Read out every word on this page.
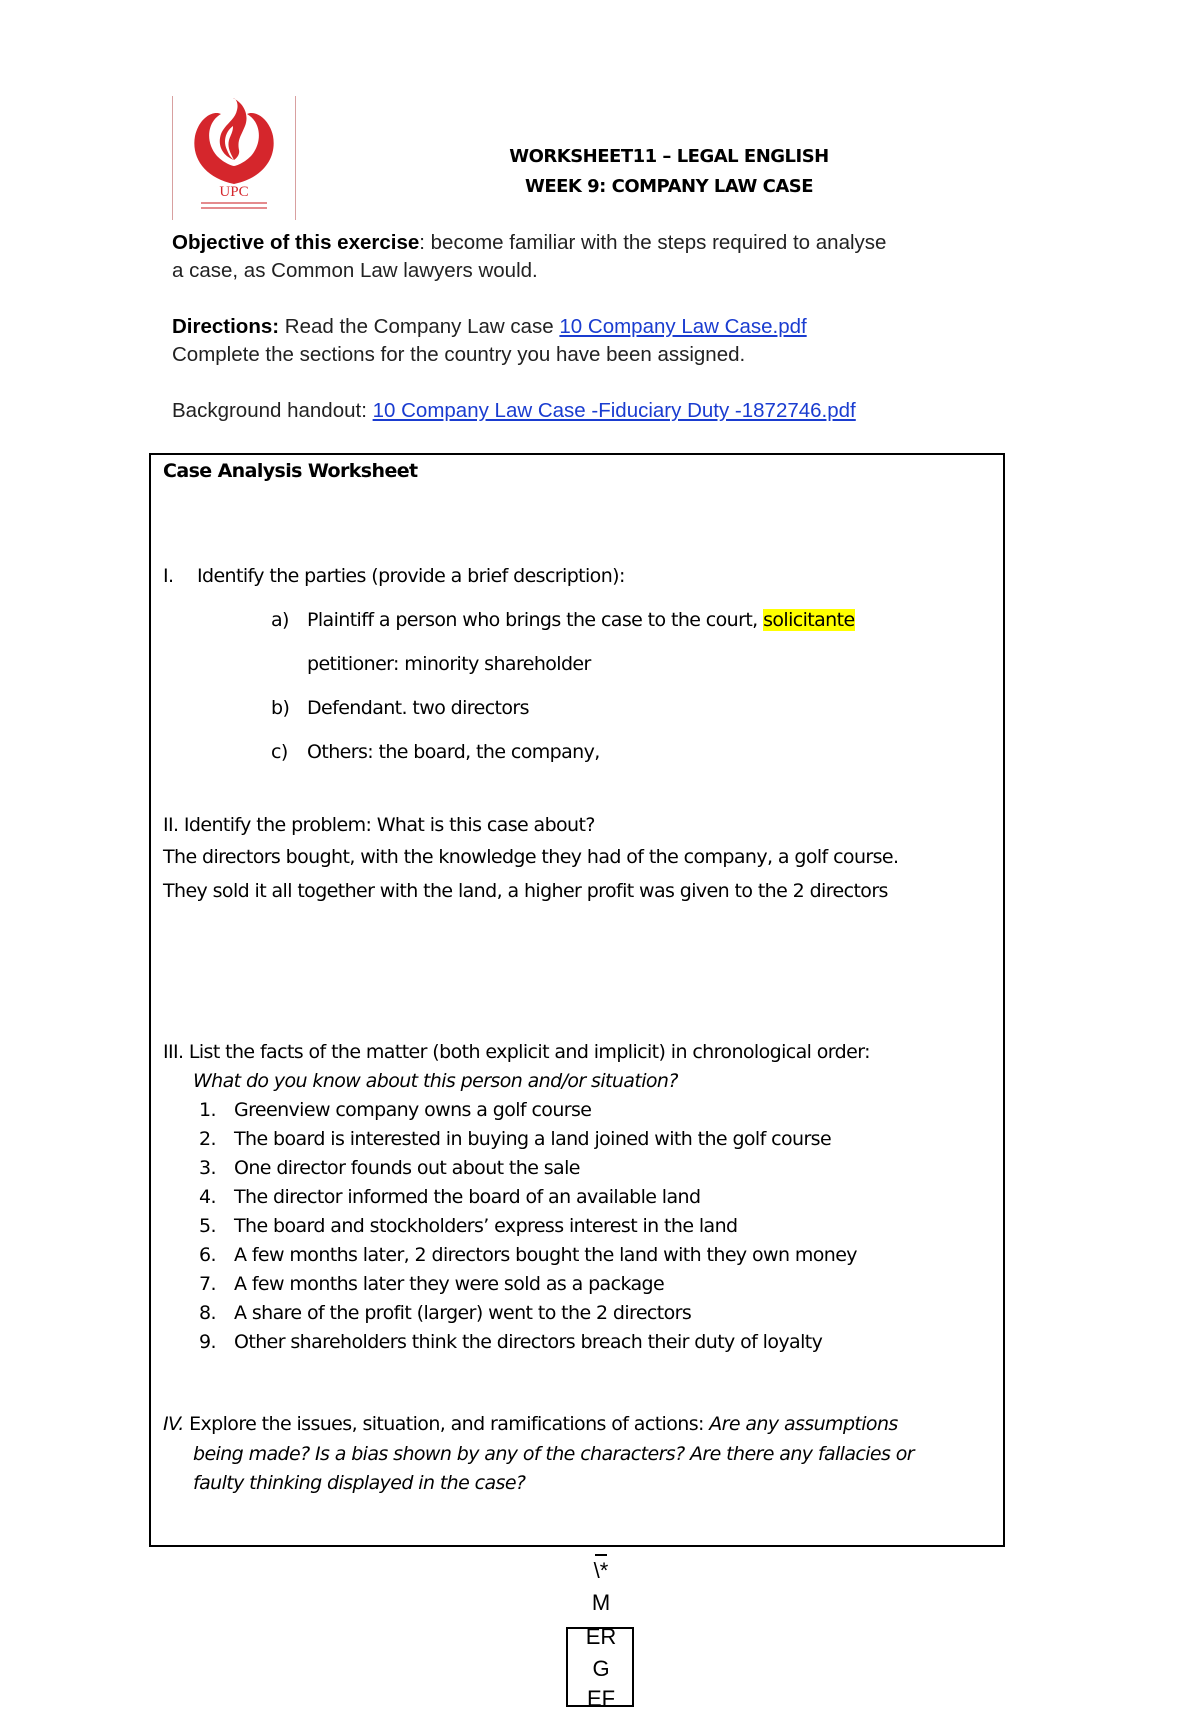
UPC
WORKSHEET11 – LEGAL ENGLISH
WEEK 9: COMPANY LAW CASE
Objective of this exercise: become familiar with the steps required to analyse
a case, as Common Law lawyers would.
Directions: Read the Company Law case 10 Company Law Case.pdf
Complete the sections for the country you have been assigned.
Background handout: 10 Company Law Case -Fiduciary Duty -1872746.pdf
Case Analysis Worksheet
I. Identify the parties (provide a brief description):
a) Plaintiff a person who brings the case to the court, solicitante
petitioner: minority shareholder
b) Defendant. two directors
c) Others: the board, the company,
II. Identify the problem: What is this case about?
The directors bought, with the knowledge they had of the company, a golf course.
They sold it all together with the land, a higher profit was given to the 2 directors
III. List the facts of the matter (both explicit and implicit) in chronological order:
What do you know about this person and/or situation?
1. Greenview company owns a golf course
2. The board is interested in buying a land joined with the golf course
3. One director founds out about the sale
4. The director informed the board of an available land
5. The board and stockholders’ express interest in the land
6. A few months later, 2 directors bought the land with they own money
7. A few months later they were sold as a package
8. A share of the profit (larger) went to the 2 directors
9. Other shareholders think the directors breach their duty of loyalty
IV. Explore the issues, situation, and ramifications of actions: Are any assumptions
being made? Is a bias shown by any of the characters? Are there any fallacies or
faulty thinking displayed in the case?
\*
M
ER
G
EF
